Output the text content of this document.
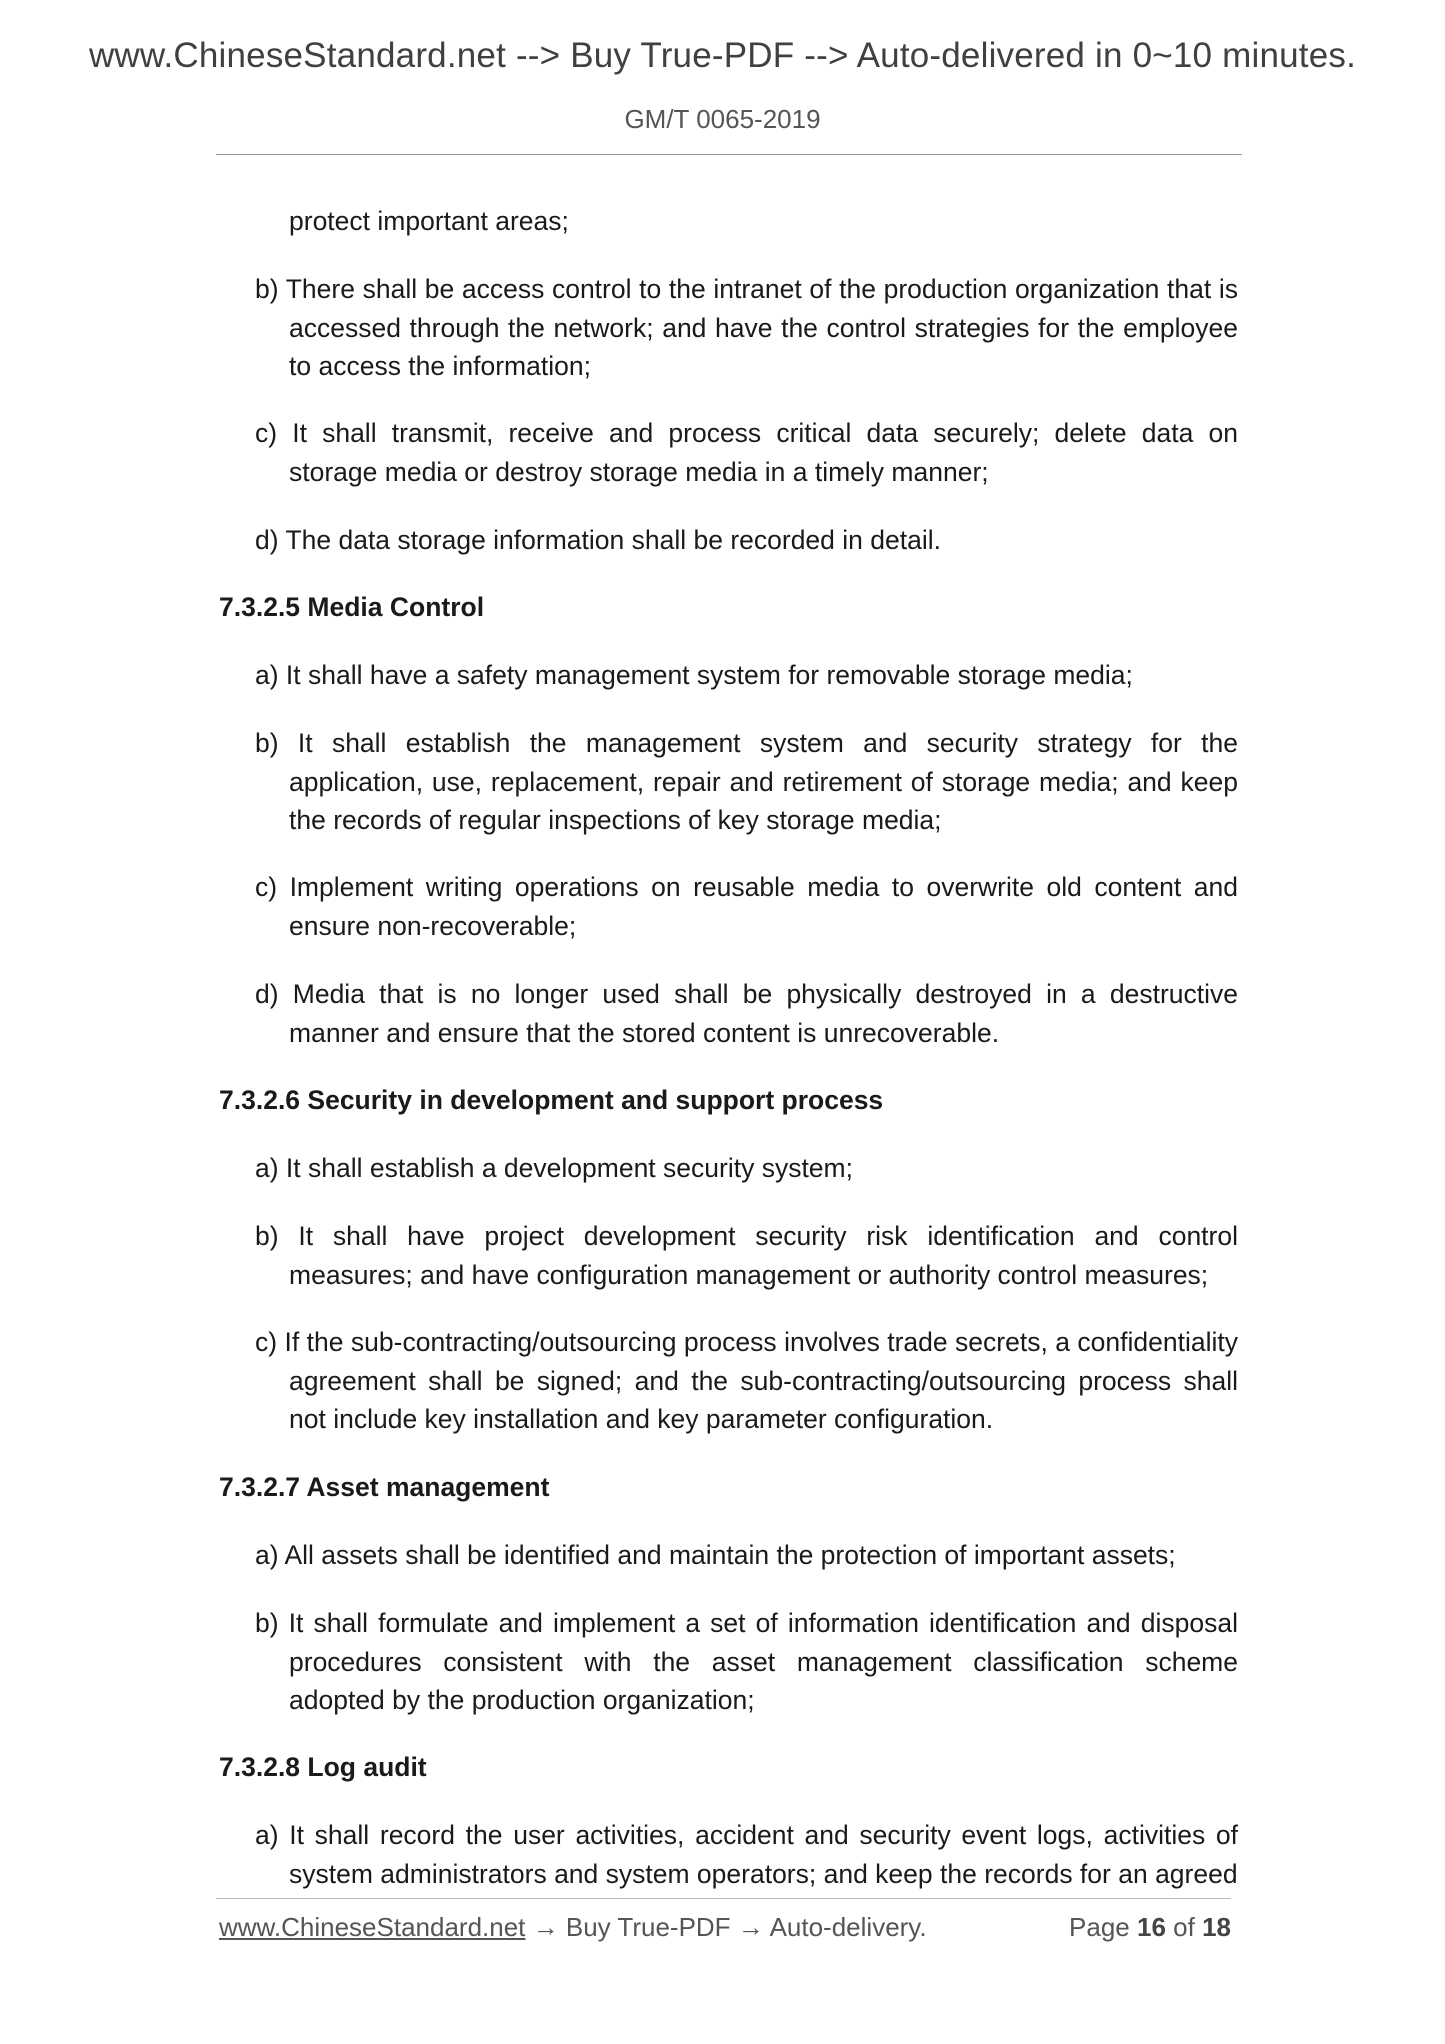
www.ChineseStandard.net --> Buy True-PDF --> Auto-delivered in 0~10 minutes.
GM/T 0065-2019
protect important areas;
b) There shall be access control to the intranet of the production organization that is accessed through the network; and have the control strategies for the employee to access the information;
c) It shall transmit, receive and process critical data securely; delete data on storage media or destroy storage media in a timely manner;
d) The data storage information shall be recorded in detail.
7.3.2.5 Media Control
a) It shall have a safety management system for removable storage media;
b) It shall establish the management system and security strategy for the application, use, replacement, repair and retirement of storage media; and keep the records of regular inspections of key storage media;
c) Implement writing operations on reusable media to overwrite old content and ensure non-recoverable;
d) Media that is no longer used shall be physically destroyed in a destructive manner and ensure that the stored content is unrecoverable.
7.3.2.6 Security in development and support process
a) It shall establish a development security system;
b) It shall have project development security risk identification and control measures; and have configuration management or authority control measures;
c) If the sub-contracting/outsourcing process involves trade secrets, a confidentiality agreement shall be signed; and the sub-contracting/outsourcing process shall not include key installation and key parameter configuration.
7.3.2.7 Asset management
a) All assets shall be identified and maintain the protection of important assets;
b) It shall formulate and implement a set of information identification and disposal procedures consistent with the asset management classification scheme adopted by the production organization;
7.3.2.8 Log audit
a) It shall record the user activities, accident and security event logs, activities of system administrators and system operators; and keep the records for an agreed
www.ChineseStandard.net → Buy True-PDF → Auto-delivery.	Page 16 of 18
